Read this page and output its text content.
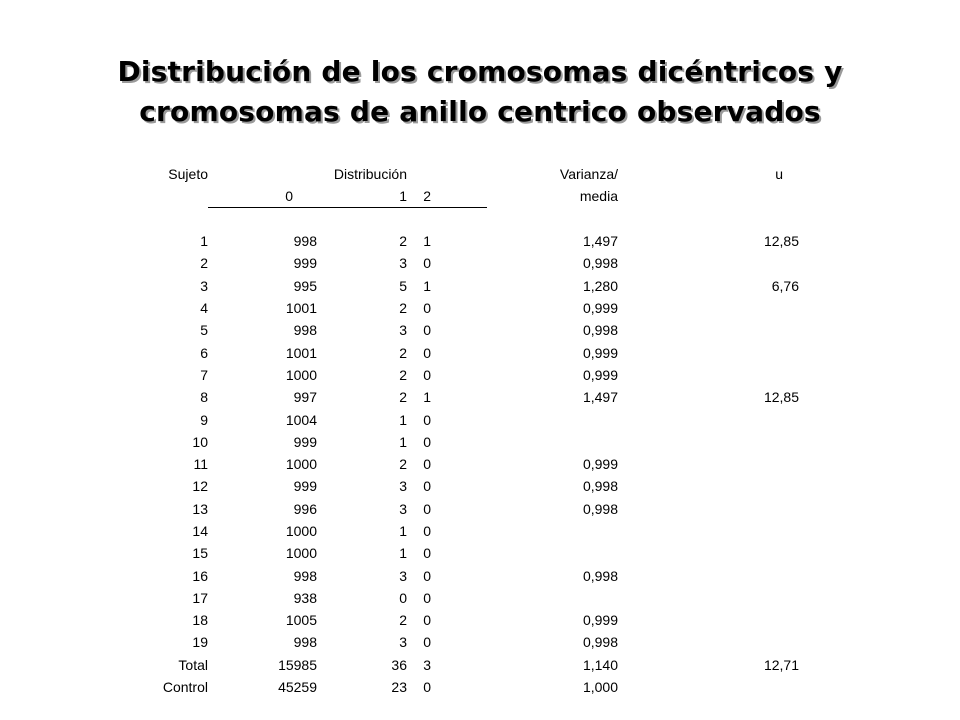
Distribución de los cromosomas dicéntricos y
cromosomas de anillo centrico observados
Sujeto		Distribución		Varianza/	u
	0	1	2	media	

1	998	2	1	1,497	12,85
2	999	3	0	0,998	
3	995	5	1	1,280	6,76
4	1001	2	0	0,999	
5	998	3	0	0,998	
6	1001	2	0	0,999	
7	1000	2	0	0,999	
8	997	2	1	1,497	12,85
9	1004	1	0		
10	999	1	0		
11	1000	2	0	0,999	
12	999	3	0	0,998	
13	996	3	0	0,998	
14	1000	1	0		
15	1000	1	0		
16	998	3	0	0,998	
17	938	0	0		
18	1005	2	0	0,999	
19	998	3	0	0,998	
Total	15985	36	3	1,140	12,71
Control	45259	23	0	1,000	
